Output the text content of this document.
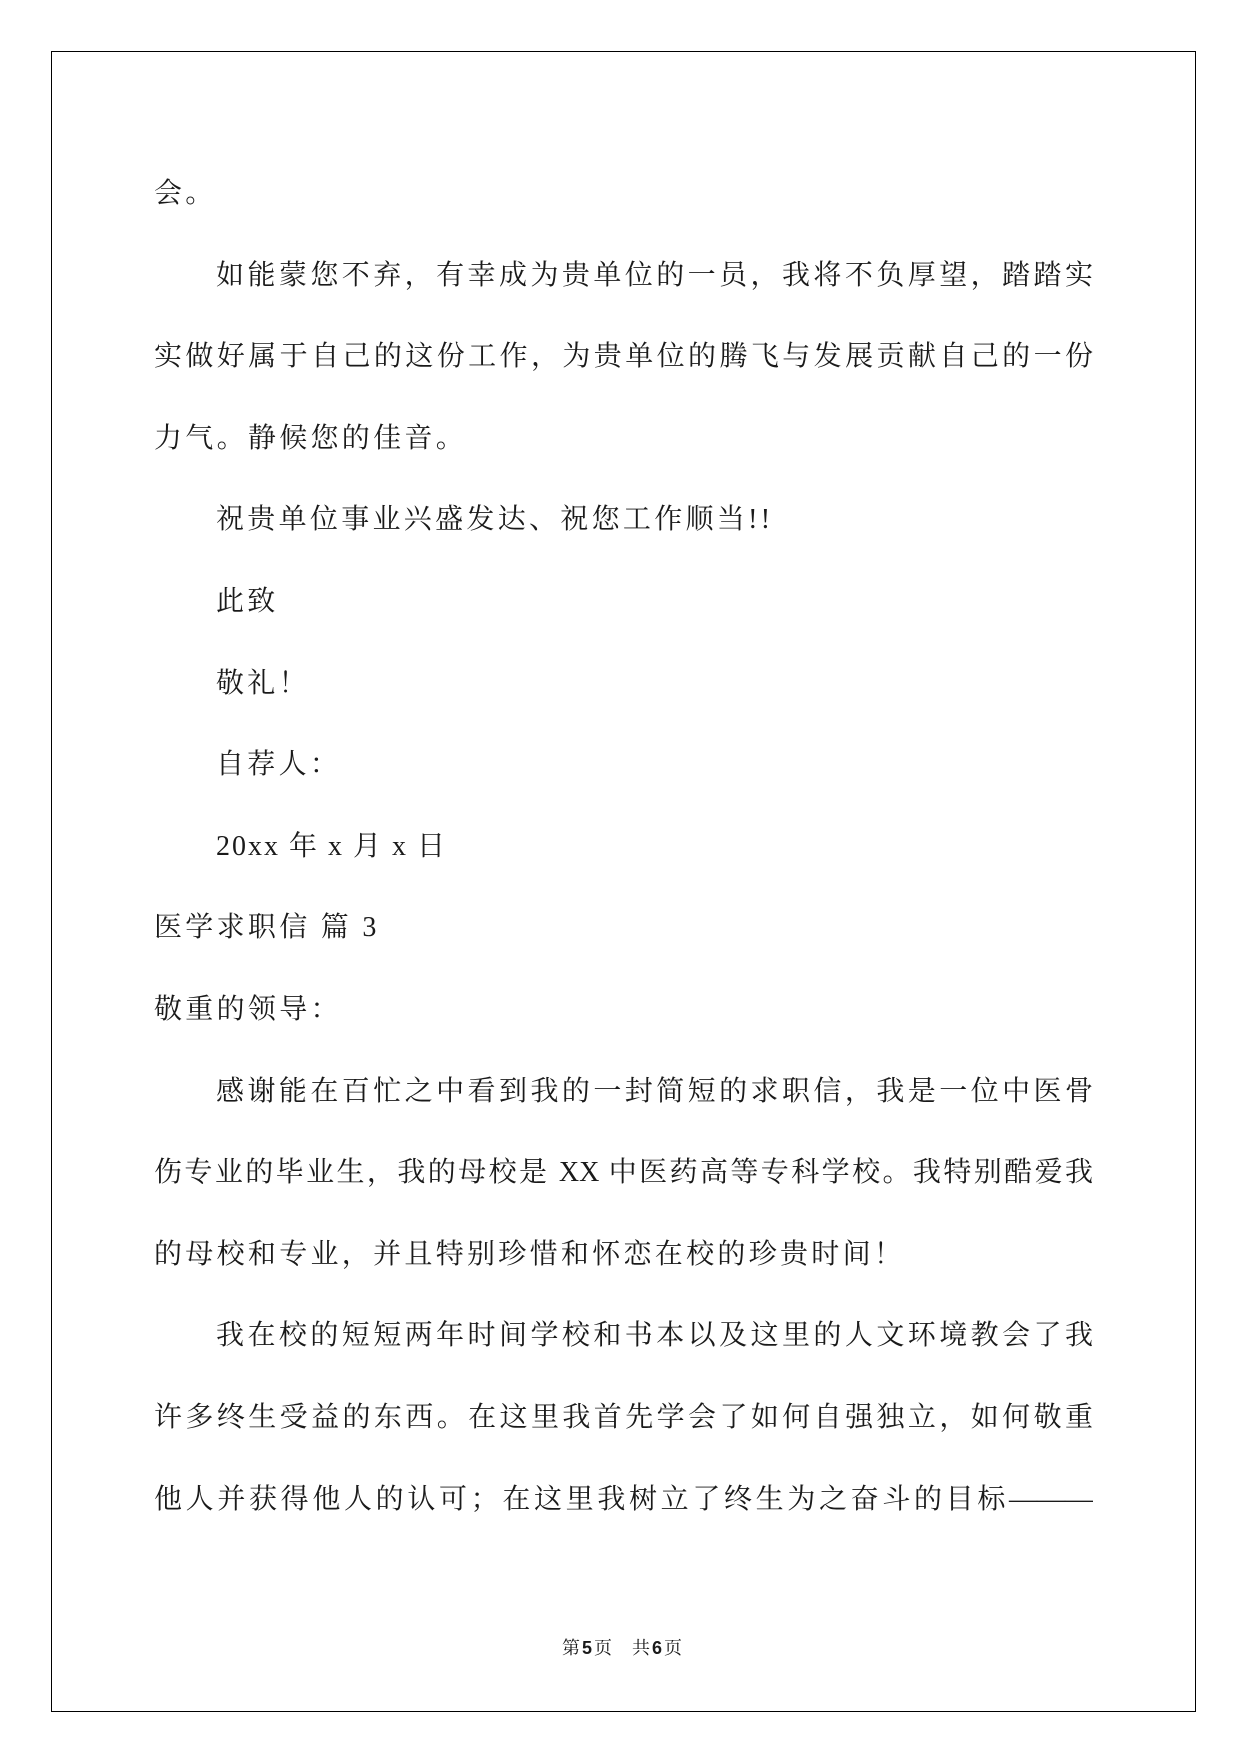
会。
如能蒙您不弃，有幸成为贵单位的一员，我将不负厚望，踏踏实
实做好属于自己的这份工作，为贵单位的腾飞与发展贡献自己的一份
力气。静候您的佳音。
祝贵单位事业兴盛发达、祝您工作顺当!!
此致
敬礼！
自荐人：
20xx 年 x 月 x 日
医学求职信 篇 3
敬重的领导：
感谢能在百忙之中看到我的一封简短的求职信，我是一位中医骨
伤专业的毕业生，我的母校是 XX 中医药高等专科学校。我特别酷爱我
的母校和专业，并且特别珍惜和怀恋在校的珍贵时间！
我在校的短短两年时间学校和书本以及这里的人文环境教会了我
许多终生受益的东西。在这里我首先学会了如何自强独立，如何敬重
他人并获得他人的认可；在这里我树立了终生为之奋斗的目标———
第 5 页 共 6 页
